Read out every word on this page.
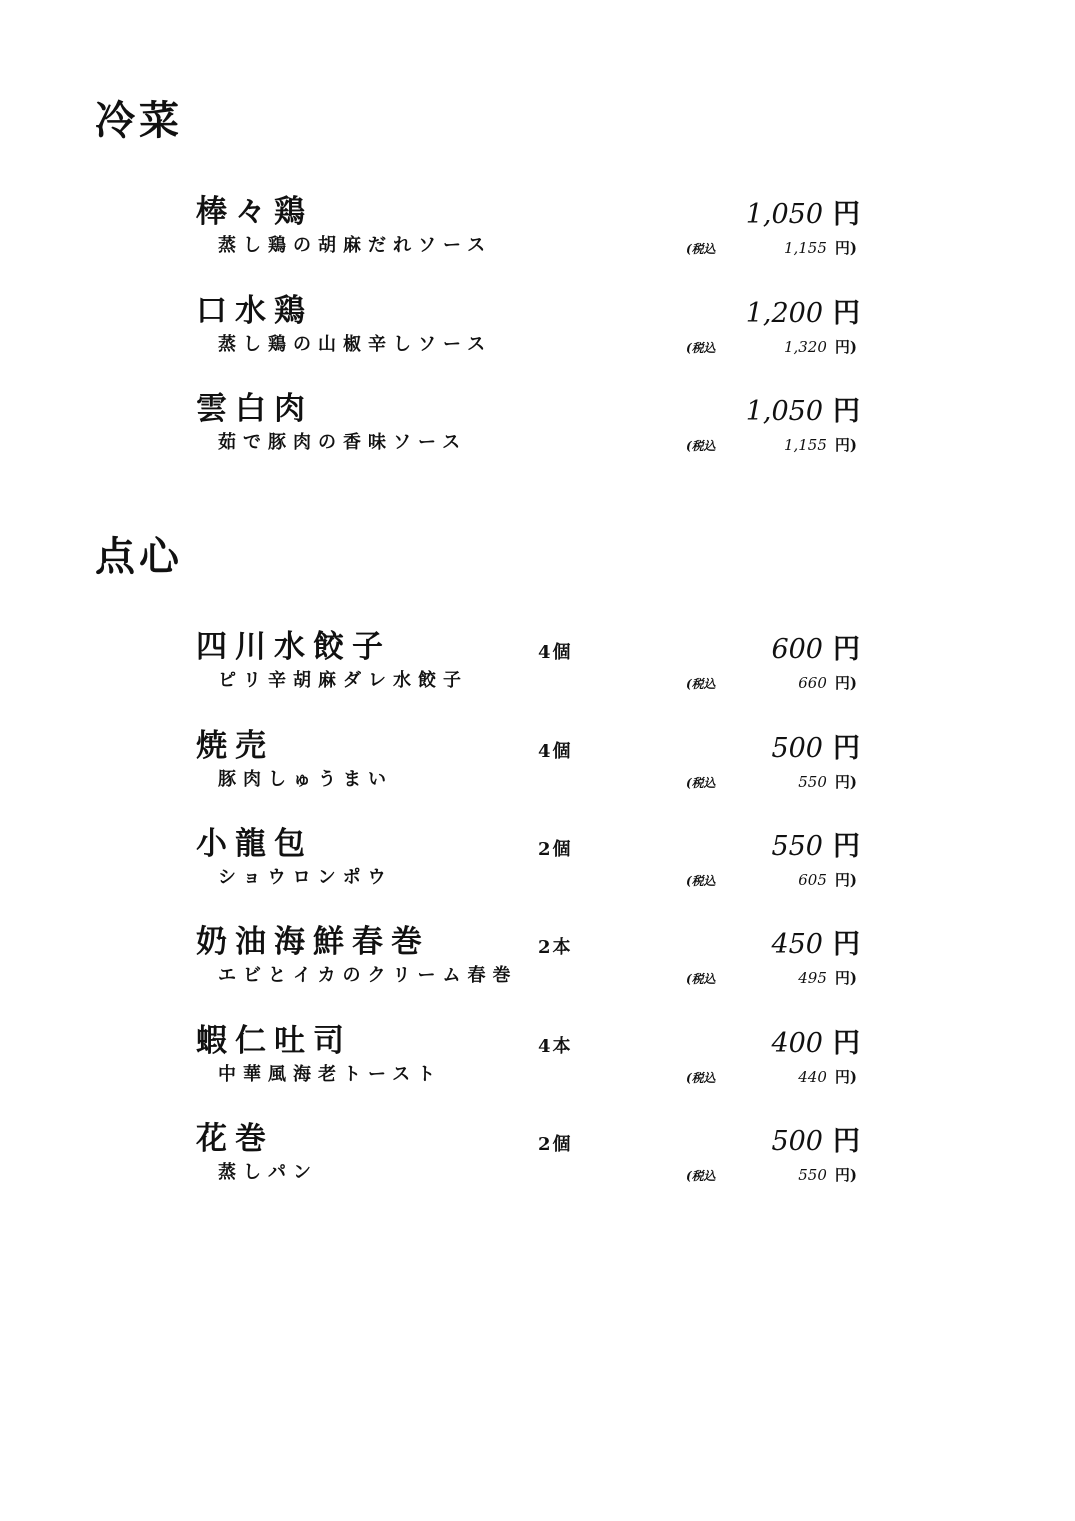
冷菜
棒々鶏
蒸し鶏の胡麻だれソース
1,050 円
(税込	1,155 円)
口水鶏
蒸し鶏の山椒辛しソース
1,200 円
(税込	1,320 円)
雲白肉
茹で豚肉の香味ソース
1,050 円
(税込	1,155 円)
点心
四川水餃子
ピリ辛胡麻ダレ水餃子
4個	600 円
(税込	660 円)
焼売
豚肉しゅうまい
4個	500 円
(税込	550 円)
小龍包
ショウロンポウ
2個	550 円
(税込	605 円)
奶油海鮮春巻
エビとイカのクリーム春巻
2本	450 円
(税込	495 円)
蝦仁吐司
中華風海老トースト
4本	400 円
(税込	440 円)
花巻
蒸しパン
2個	500 円
(税込	550 円)
